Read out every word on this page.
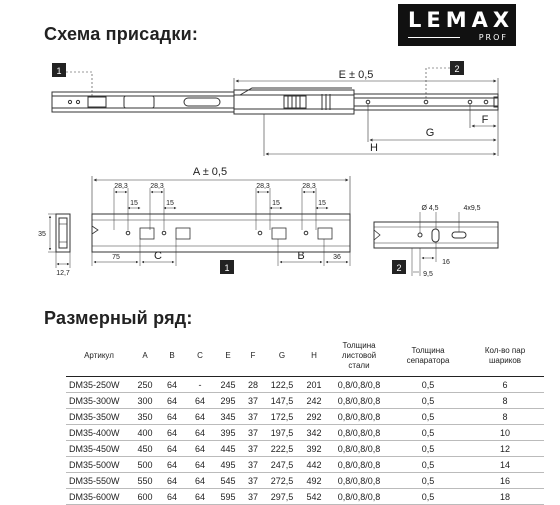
Схема присадки:
LEMAX
PROF
1	2
E ± 0,5
G
H
F
A ± 0,5
28,3	28,3	28,3	28,3
15	15	15	15
35
12,7
75	C	B	36
1
Ø 4,5	4x9,5
16
9,5
2
Размерный ряд:
Артикул	A	B	C	E	F	G	H	Толщина листовой стали	Толщина сепаратора	Кол-во пар шариков
DM35-250W	250	64	-	245	28	122,5	201	0,8/0,8/0,8	0,5	6
DM35-300W	300	64	64	295	37	147,5	242	0,8/0,8/0,8	0,5	8
DM35-350W	350	64	64	345	37	172,5	292	0,8/0,8/0,8	0,5	8
DM35-400W	400	64	64	395	37	197,5	342	0,8/0,8/0,8	0,5	10
DM35-450W	450	64	64	445	37	222,5	392	0,8/0,8/0,8	0,5	12
DM35-500W	500	64	64	495	37	247,5	442	0,8/0,8/0,8	0,5	14
DM35-550W	550	64	64	545	37	272,5	492	0,8/0,8/0,8	0,5	16
DM35-600W	600	64	64	595	37	297,5	542	0,8/0,8/0,8	0,5	18
